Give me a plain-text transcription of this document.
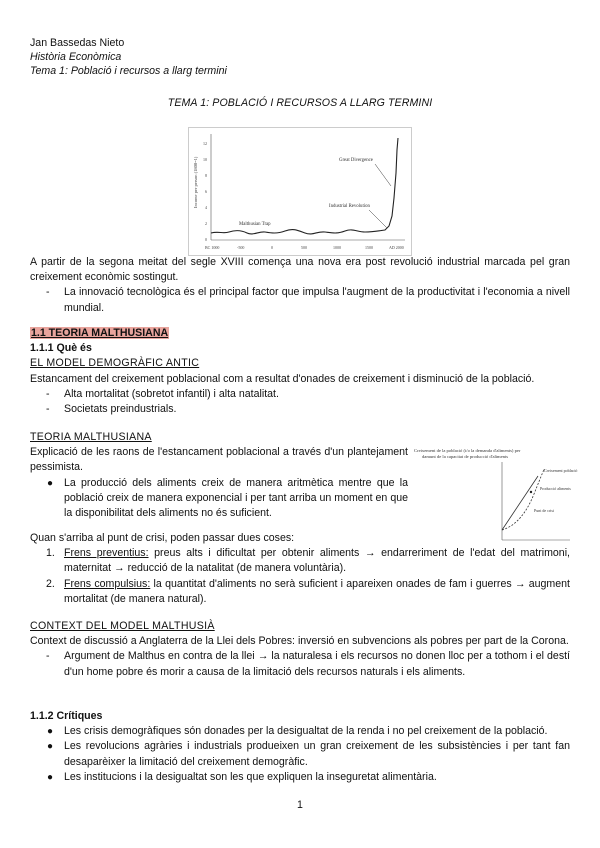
Jan Bassedas Nieto
Història Econòmica
Tema 1: Població i recursos a llarg termini
TEMA 1: POBLACIÓ I RECURSOS A LLARG TERMINI
Income per person (1800=1)
12
10
8
6
4
2
0
BC 1000	-500	0	500	1000	1500	AD 2000
Great Divergence
Industrial Revolution
Malthusian Trap

A partir de la segona meitat del segle XVIII comença una nova era post revolució industrial marcada pel gran creixement econòmic sostingut.

- La innovació tecnològica és el principal factor que impulsa l'augment de la productivitat i l'economia a nivell mundial.
1.1 TEORIA MALTHUSIANA
1.1.1 Què és
EL MODEL DEMOGRÀFIC ANTIC

Estancament del creixement poblacional com a resultat d'onades de creixement i disminució de la població.

- Alta mortalitat (sobretot infantil) i alta natalitat.
- Societats preindustrials.
TEORIA MALTHUSIANA

Explicació de les raons de l'estancament poblacional a través d'un plantejament pessimista.

● La producció dels aliments creix de manera aritmètica mentre que la població creix de manera exponencial i per tant arriba un moment en que la disponibilitat dels aliments no és suficient.
Creixement de la població (i/o la demanda d'aliments) per
damunt de la capacitat de producció d'aliments
Creixement població
Producció aliments
Punt de crisi

Quan s'arriba al punt de crisi, poden passar dues coses:

1. Frens preventius: preus alts i dificultat per obtenir aliments → endarreriment de l'edat del matrimoni, maternitat → reducció de la natalitat (de manera voluntària).
2. Frens compulsius: la quantitat d'aliments no serà suficient i apareixen onades de fam i guerres → augment mortalitat (de manera natural).
CONTEXT DEL MODEL MALTHUSIÀ

Context de discussió a Anglaterra de la Llei dels Pobres: inversió en subvencions als pobres per part de la Corona.

- Argument de Malthus en contra de la llei → la naturalesa i els recursos no donen lloc per a tothom i el destí d'un home pobre és morir a causa de la limitació dels recursos naturals i els aliments.
1.1.2 Crítiques
● Les crisis demogràfiques són donades per la desigualtat de la renda i no pel creixement de la població.
● Les revolucions agràries i industrials produeixen un gran creixement de les subsistències i per tant fan desaparèixer la limitació del creixement demogràfic.
● Les institucions i la desigualtat son les que expliquen la inseguretat alimentària.
1
